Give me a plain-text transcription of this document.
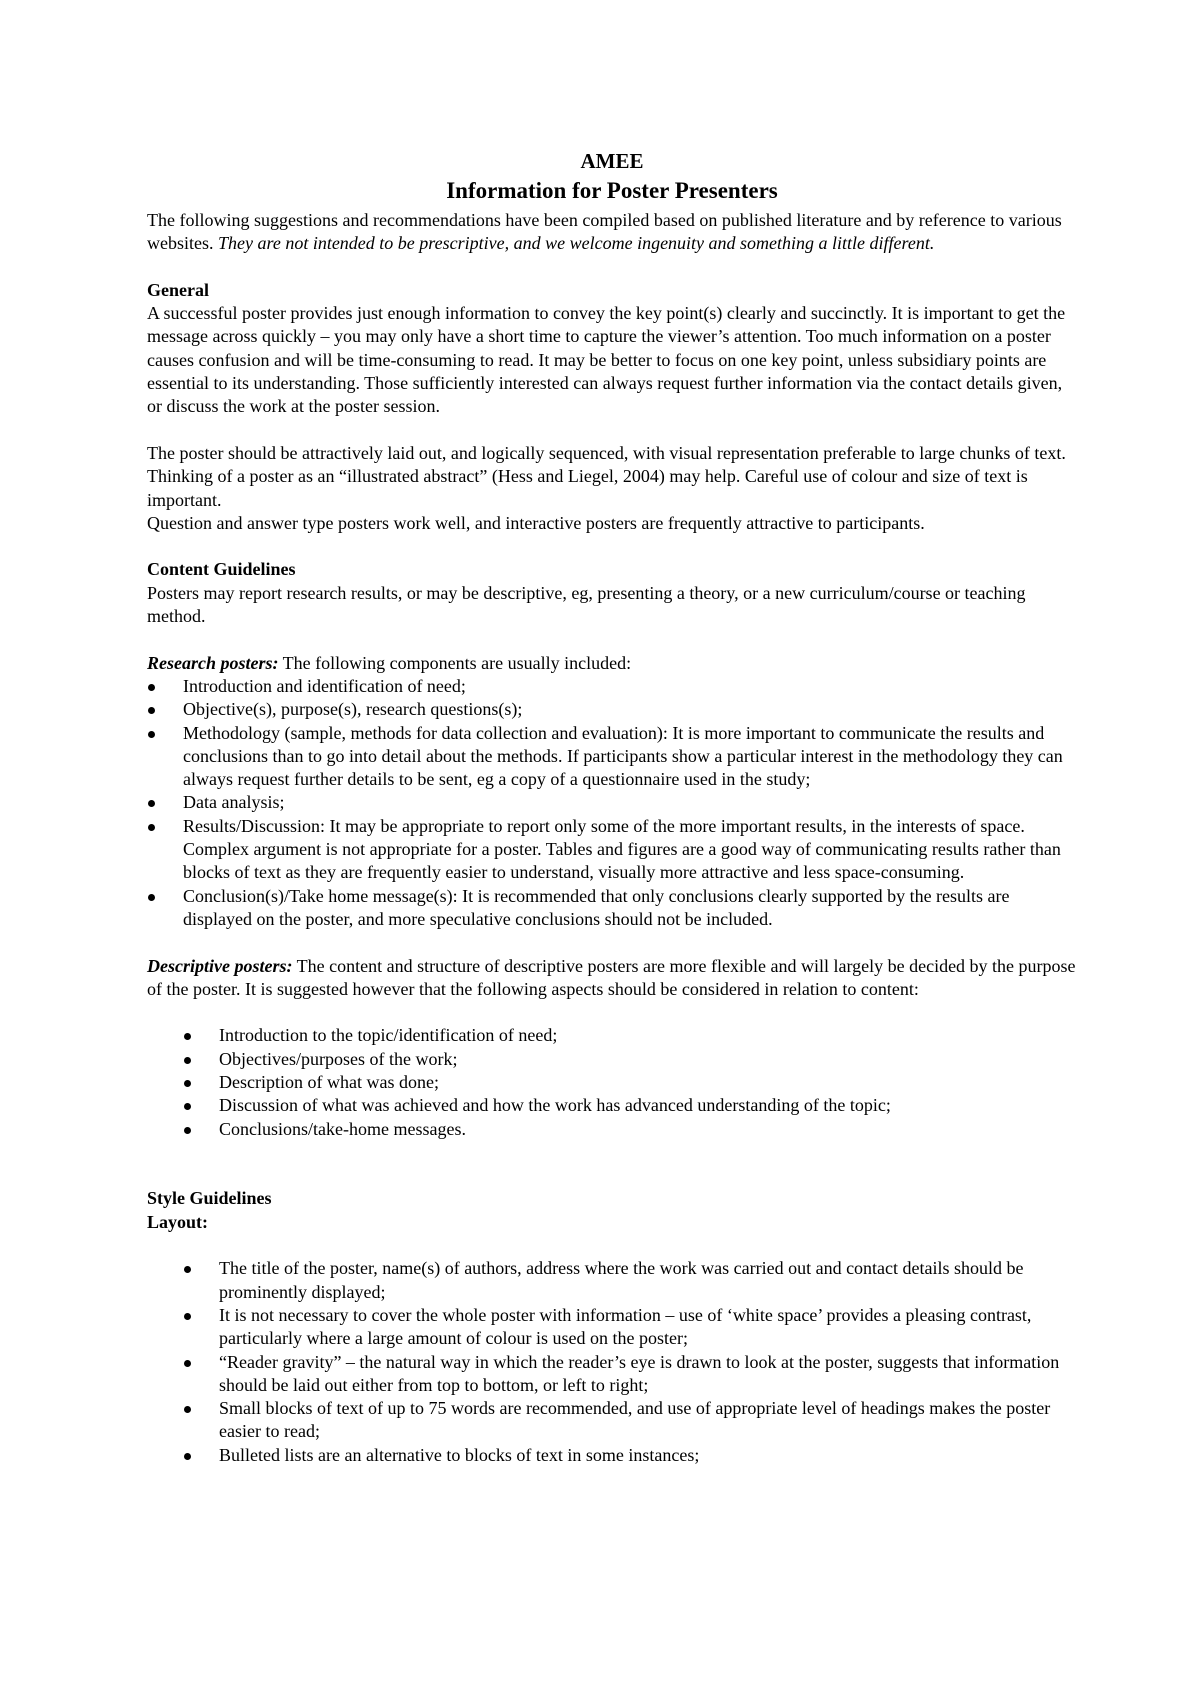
AMEE
Information for Poster Presenters

The following suggestions and recommendations have been compiled based on published literature and by reference to various websites. They are not intended to be prescriptive, and we welcome ingenuity and something a little different.

General

A successful poster provides just enough information to convey the key point(s) clearly and succinctly. It is important to get the message across quickly – you may only have a short time to capture the viewer’s attention. Too much information on a poster causes confusion and will be time-consuming to read. It may be better to focus on one key point, unless subsidiary points are essential to its understanding. Those sufficiently interested can always request further information via the contact details given, or discuss the work at the poster session.

The poster should be attractively laid out, and logically sequenced, with visual representation preferable to large chunks of text. Thinking of a poster as an “illustrated abstract” (Hess and Liegel, 2004) may help. Careful use of colour and size of text is important.

Question and answer type posters work well, and interactive posters are frequently attractive to participants.

Content Guidelines

Posters may report research results, or may be descriptive, eg, presenting a theory, or a new curriculum/course or teaching method.

Research posters: The following components are usually included:

Introduction and identification of need;
Objective(s), purpose(s), research questions(s);
Methodology (sample, methods for data collection and evaluation): It is more important to communicate the results and conclusions than to go into detail about the methods. If participants show a particular interest in the methodology they can always request further details to be sent, eg a copy of a questionnaire used in the study;
Data analysis;
Results/Discussion: It may be appropriate to report only some of the more important results, in the interests of space. Complex argument is not appropriate for a poster. Tables and figures are a good way of communicating results rather than blocks of text as they are frequently easier to understand, visually more attractive and less space-consuming.
Conclusion(s)/Take home message(s): It is recommended that only conclusions clearly supported by the results are displayed on the poster, and more speculative conclusions should not be included.

Descriptive posters: The content and structure of descriptive posters are more flexible and will largely be decided by the purpose of the poster. It is suggested however that the following aspects should be considered in relation to content:

Introduction to the topic/identification of need;
Objectives/purposes of the work;
Description of what was done;
Discussion of what was achieved and how the work has advanced understanding of the topic;
Conclusions/take-home messages.

Style Guidelines

Layout:

The title of the poster, name(s) of authors, address where the work was carried out and contact details should be prominently displayed;
It is not necessary to cover the whole poster with information – use of ‘white space’ provides a pleasing contrast, particularly where a large amount of colour is used on the poster;
“Reader gravity” – the natural way in which the reader’s eye is drawn to look at the poster, suggests that information should be laid out either from top to bottom, or left to right;
Small blocks of text of up to 75 words are recommended, and use of appropriate level of headings makes the poster easier to read;
Bulleted lists are an alternative to blocks of text in some instances;
